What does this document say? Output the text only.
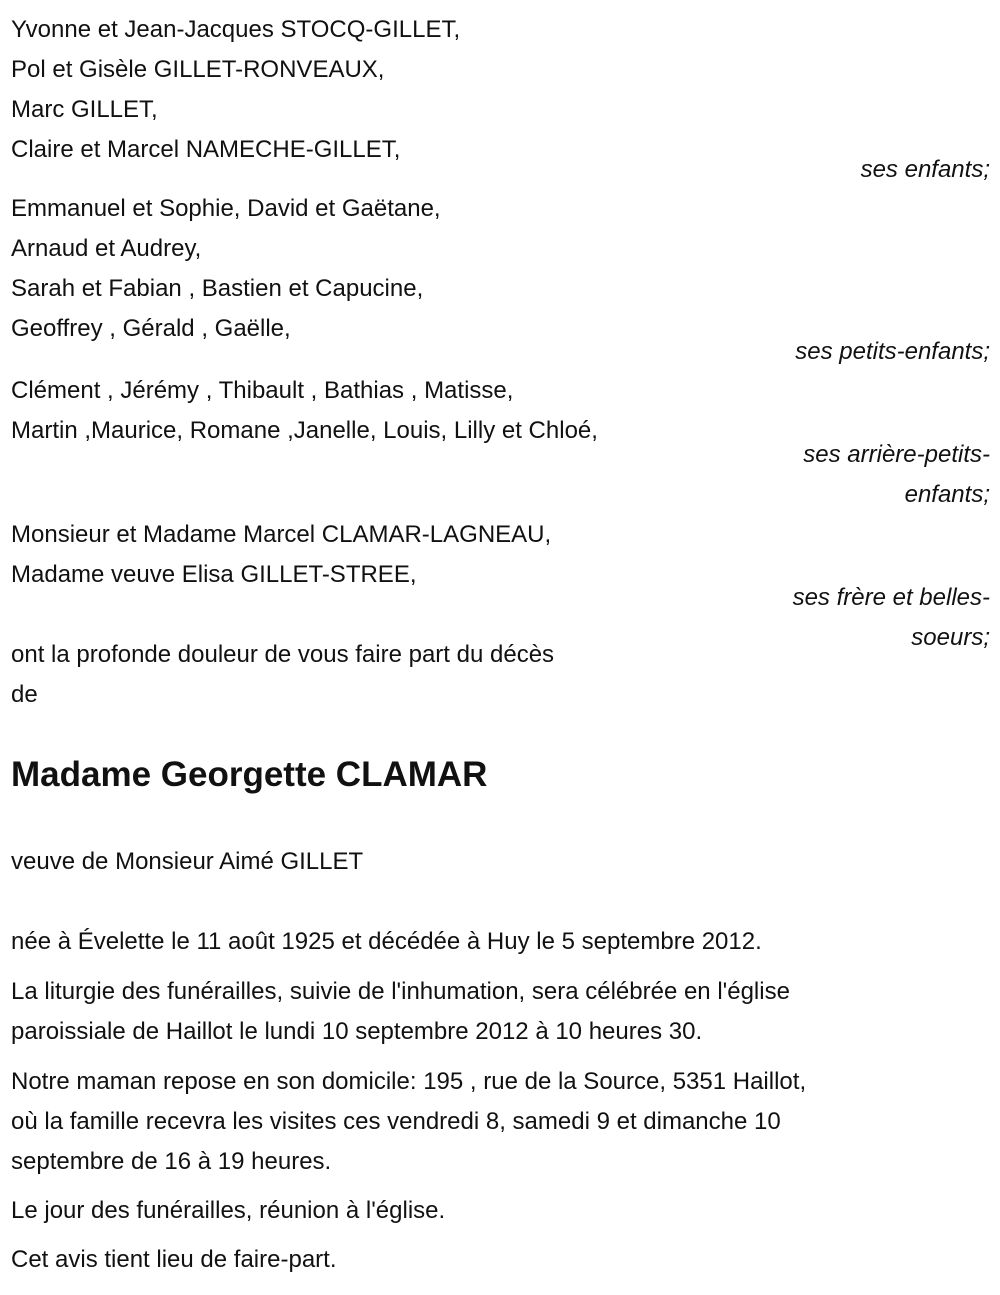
Yvonne et Jean-Jacques STOCQ-GILLET,
Pol et Gisèle GILLET-RONVEAUX,
Marc GILLET,
Claire et Marcel NAMECHE-GILLET,
ses enfants;
Emmanuel et Sophie, David et Gaëtane,
Arnaud et Audrey,
Sarah et Fabian , Bastien et Capucine,
Geoffrey , Gérald , Gaëlle,
ses petits-enfants;
Clément , Jérémy , Thibault , Bathias , Matisse,
Martin ,Maurice, Romane ,Janelle, Louis, Lilly et Chloé,
ses arrière-petits-
enfants;
Monsieur et Madame Marcel CLAMAR-LAGNEAU,
Madame veuve Elisa GILLET-STREE,
ses frère et belles-
soeurs;
ont la profonde douleur de vous faire part du décès
de
Madame Georgette CLAMAR
veuve de Monsieur Aimé GILLET
née à Évelette le 11 août 1925 et décédée à Huy le 5 septembre 2012.
La liturgie des funérailles, suivie de l'inhumation, sera célébrée en l'église
paroissiale de Haillot le lundi 10 septembre 2012 à 10 heures 30.
Notre maman repose en son domicile: 195 , rue de la Source, 5351 Haillot,
où la famille recevra les visites ces vendredi 8, samedi 9 et dimanche 10
septembre de 16 à 19 heures.
Le jour des funérailles, réunion à l'église.
Cet avis tient lieu de faire-part.
